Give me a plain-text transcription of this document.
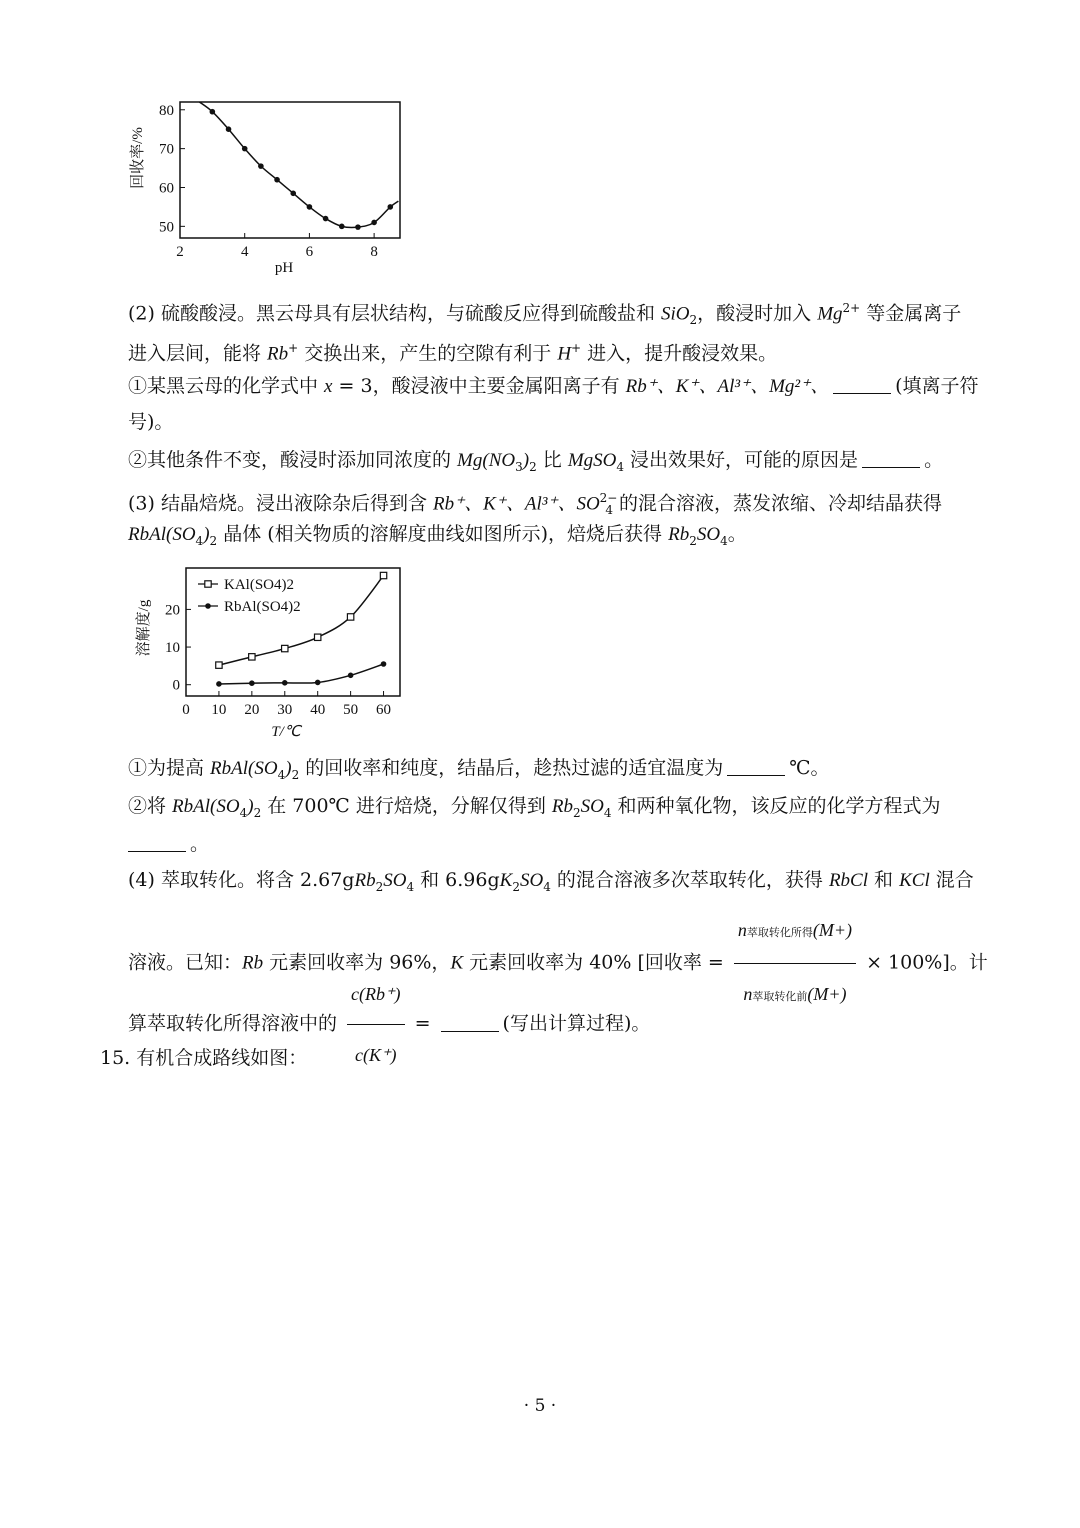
回收率/%
pH
50
60
70
80
2	4	6	8
(2) 硫酸酸浸。黑云母具有层状结构，与硫酸反应得到硫酸盐和 SiO$_2$，酸浸时加入 $Mg^{2+}$ 等金属离子
进入层间，能将 Rb+ 交换出来，产生的空隙有利于 H+ 进入，提升酸浸效果。
①某黑云母的化学式中 x = 3，酸浸液中主要金属阳离子有 Rb⁺、K⁺、Al³⁺、Mg²⁺、	(填离子符
号)。
②其他条件不变，酸浸时添加同浓度的 $Mg(NO_3)_2$ 比 MgSO$_4$ 浸出效果好，可能的原因是	。
(3) 结晶焙烧。浸出液除杂后得到含 Rb⁺、K⁺、Al³⁺、$SO^{2-}_4$ 的混合溶液，蒸发浓缩、冷却结晶获得
$RbAl(SO_4)_2$ 晶体 (相关物质的溶解度曲线如图所示)，焙烧后获得 $Rb_2SO_4$。
溶解度/g
T/℃
0
10
20
0 10 20 30 40 50 60
KAl(SO4)2
RbAl(SO4)2
①为提高 $RbAl(SO_4)_2$ 的回收率和纯度，结晶后，趁热过滤的适宜温度为	℃。
②将 $RbAl(SO_4)_2$ 在 700℃ 进行焙烧，分解仅得到 $Rb_2SO_4$ 和两种氧化物，该反应的化学方程式为
。
(4) 萃取转化。将含 $2.67gRb_2SO_4$ 和 $6.96gK_2SO_4$ 的混合溶液多次萃取转化，获得 RbCl 和 KCl 混合
溶液。已知：Rb 元素回收率为 96%，K 元素回收率为 40% [回收率 = $\frac{\text{n萃取转化所得(M+)}}{\text{n萃取转化前(M+)}} \times 100\%$]。计
算萃取转化所得溶液中的 $\frac{c(Rb^+)}{c(K^+)}$ =	(写出计算过程)。
15. 有机合成路线如图：
· 5 ·
